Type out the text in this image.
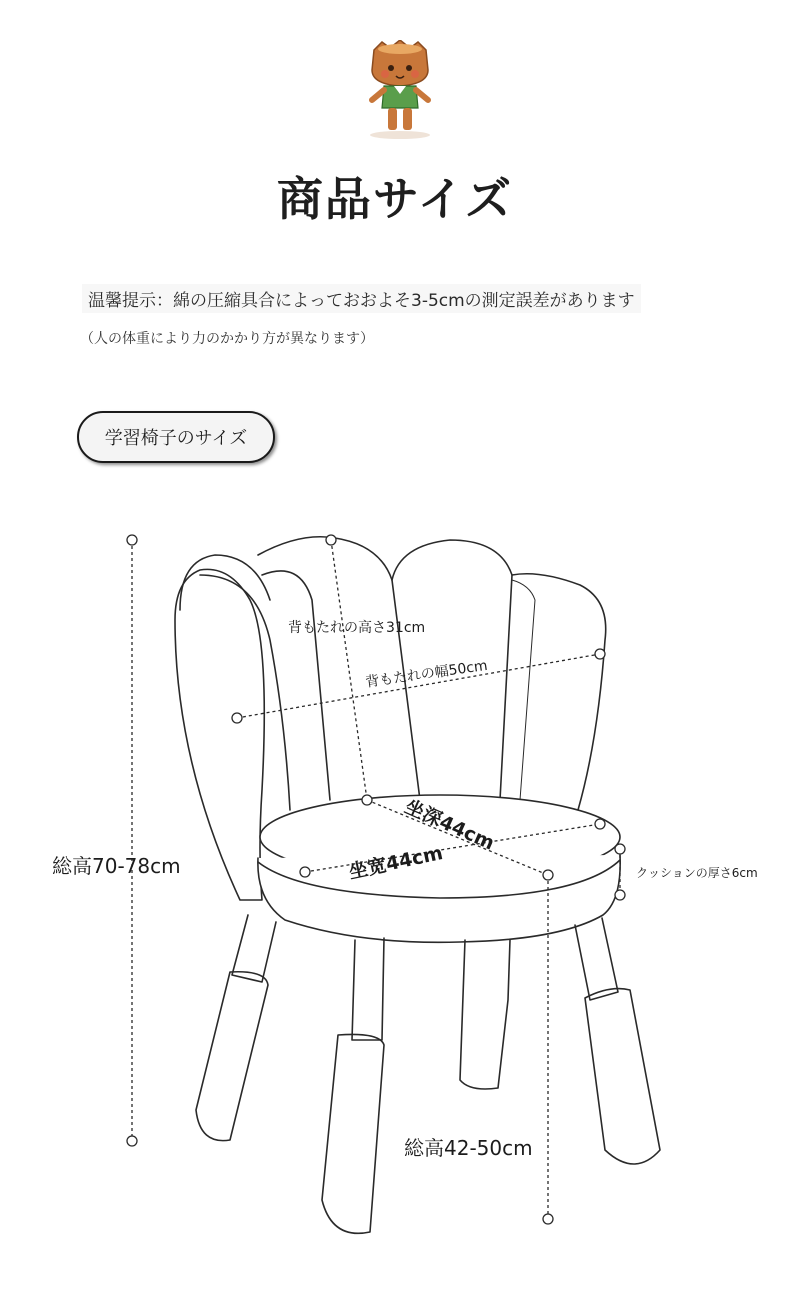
商品サイズ
温馨提示：綿の圧縮具合によっておおよそ3-5cmの測定誤差があります
（人の体重により力のかかり方が異なります）
学習椅子のサイズ
総高70-78cm
背もたれの高さ31cm
背もたれの幅50cm
坐深44cm
坐宽44cm	クッションの厚さ6cm
総高42-50cm
